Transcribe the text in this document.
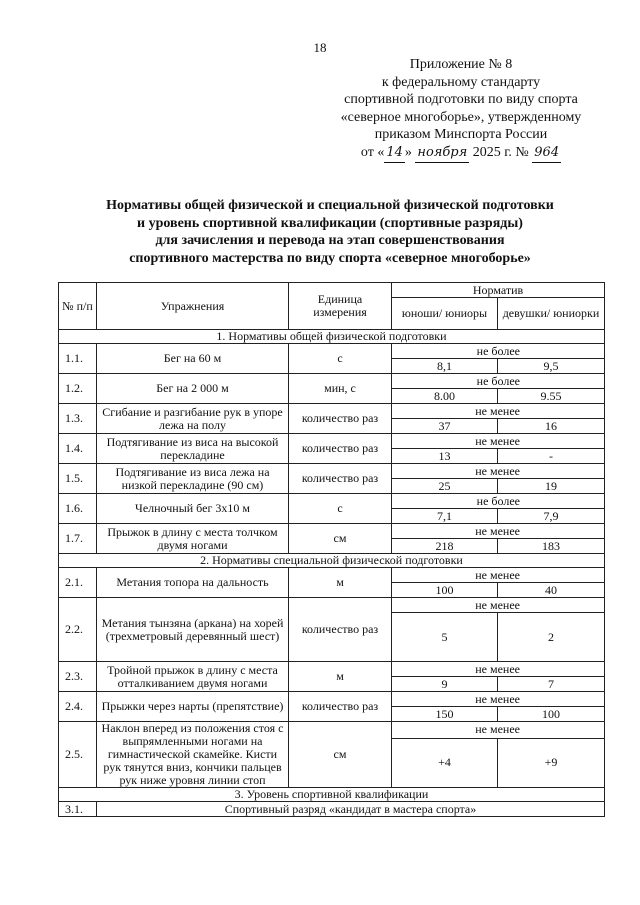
18
Приложение № 8
к федеральному стандарту
спортивной подготовки по виду спорта
«северное многоборье», утвержденному
приказом Минспорта России
от « 14 » ноября 2025 г. № 964
Нормативы общей физической и специальной физической подготовки
и уровень спортивной квалификации (спортивные разряды)
для зачисления и перевода на этап совершенствования
спортивного мастерства по виду спорта «северное многоборье»
№ п/п	Упражнения	Единица измерения	Норматив	
			юноши/ юниоры	девушки/ юниорки
1. Нормативы общей физической подготовки				
1.1.	Бег на 60 м	с	не более	
			8,1	9,5
1.2.	Бег на 2 000 м	мин, с	не более	
			8.00	9.55
1.3.	Сгибание и разгибание рук в упоре лежа на полу	количество раз	не менее	
			37	16
1.4.	Подтягивание из виса на высокой перекладине	количество раз	не менее	
			13	-
1.5.	Подтягивание из виса лежа на низкой перекладине (90 см)	количество раз	не менее	
			25	19
1.6.	Челночный бег 3x10 м	с	не более	
			7,1	7,9
1.7.	Прыжок в длину с места толчком двумя ногами	см	не менее	
			218	183
2. Нормативы специальной физической подготовки				
2.1.	Метания топора на дальность	м	не менее	
			100	40
2.2.	Метания тынзяна (аркана) на хорей (трехметровый деревянный шест)	количество раз	не менее	
			5	2
2.3.	Тройной прыжок в длину с места отталкиванием двумя ногами	м	не менее	
			9	7
2.4.	Прыжки через нарты (препятствие)	количество раз	не менее	
			150	100
2.5.	Наклон вперед из положения стоя с выпрямленными ногами на гимнастической скамейке. Кисти рук тянутся вниз, кончики пальцев рук ниже уровня линии стоп	см	не менее	
			+4	+9
3. Уровень спортивной квалификации				
3.1.	Спортивный разряд «кандидат в мастера спорта»			
